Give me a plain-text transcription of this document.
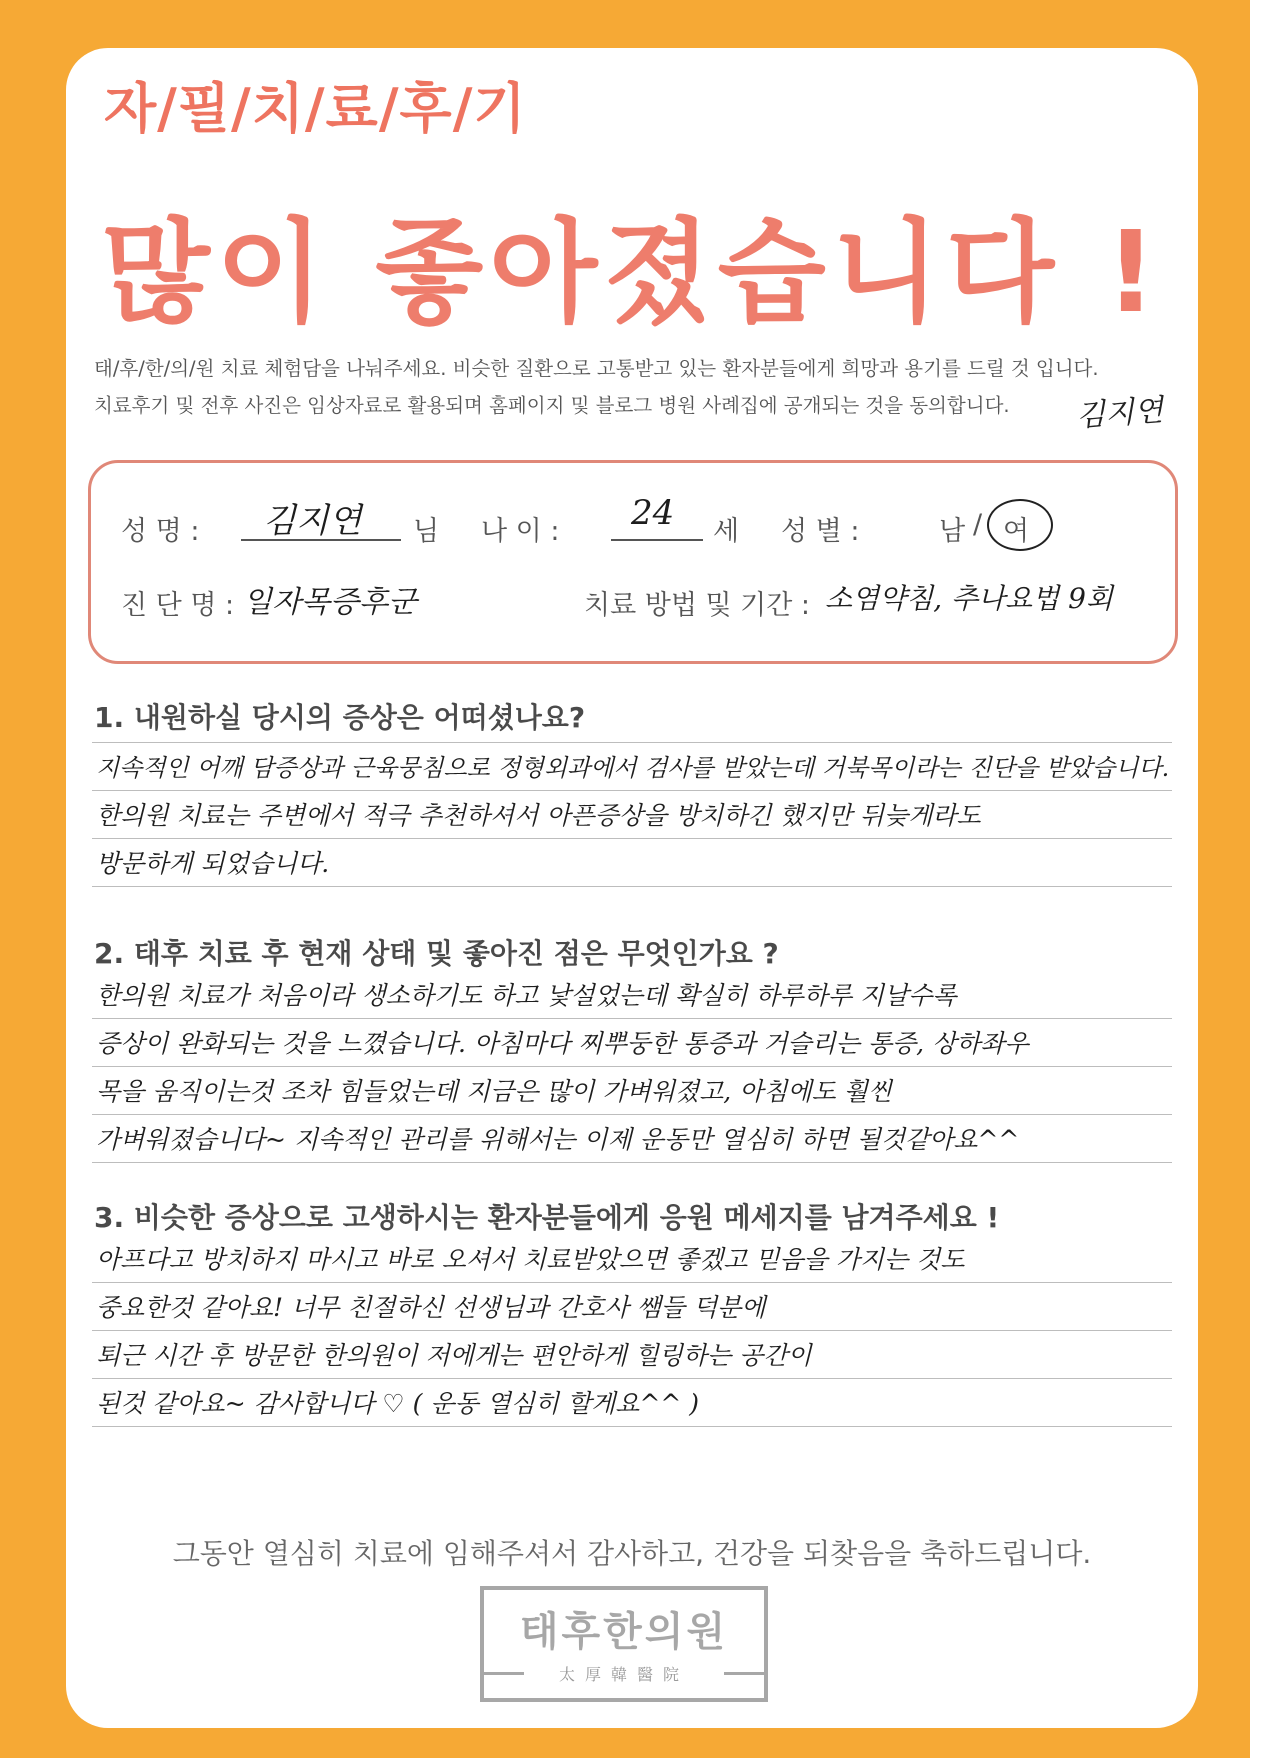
자/필/치/료/후/기
많이 좋아졌습니다 !
태/후/한/의/원 치료 체험담을 나눠주세요. 비슷한 질환으로 고통받고 있는 환자분들에게 희망과 용기를 드릴 것 입니다.
치료후기 및 전후 사진은 임상자료로 활용되며 홈페이지 및 블로그 병원 사례집에 공개되는 것을 동의합니다. 김지연
성 명 : 김지연 님 나 이 : 24 세 성 별 :	남 / 여
진 단 명 : 일자목증후군	치료 방법 및 기간 : 소염약침, 추나요법 9회
1. 내원하실 당시의 증상은 어떠셨나요?
지속적인 어깨 담증상과 근육뭉침으로 정형외과에서 검사를 받았는데 거북목이라는 진단을 받았습니다.
한의원 치료는 주변에서 적극 추천하셔서 아픈증상을 방치하긴 했지만 뒤늦게라도
방문하게 되었습니다.
2. 태후 치료 후 현재 상태 및 좋아진 점은 무엇인가요 ?
한의원 치료가 처음이라 생소하기도 하고 낯설었는데 확실히 하루하루 지날수록
증상이 완화되는 것을 느꼈습니다. 아침마다 찌뿌둥한 통증과 거슬리는 통증, 상하좌우
목을 움직이는것 조차 힘들었는데 지금은 많이 가벼워졌고, 아침에도 훨씬
가벼워졌습니다~ 지속적인 관리를 위해서는 이제 운동만 열심히 하면 될것같아요^^
3. 비슷한 증상으로 고생하시는 환자분들에게 응원 메세지를 남겨주세요 !
아프다고 방치하지 마시고 바로 오셔서 치료받았으면 좋겠고 믿음을 가지는 것도
중요한것 같아요! 너무 친절하신 선생님과 간호사 쌤들 덕분에
퇴근 시간 후 방문한 한의원이 저에게는 편안하게 힐링하는 공간이
된것 같아요~ 감사합니다 ♡ ( 운동 열심히 할게요^^ )
그동안 열심히 치료에 임해주셔서 감사하고, 건강을 되찾음을 축하드립니다.
태후한의원
太厚韓醫院
